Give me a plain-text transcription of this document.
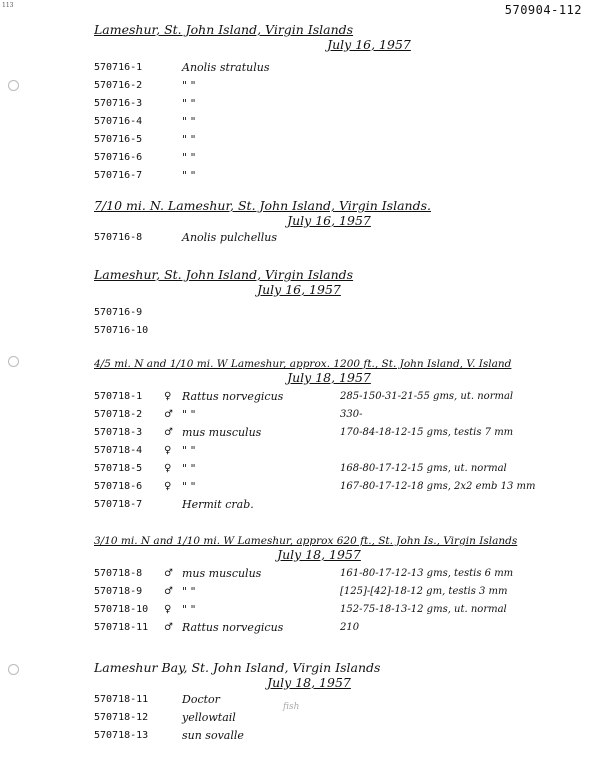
113	570904-112
Lameshur, St. John Island, Virgin Islands
July 16, 1957
570716-1	Anolis stratulus
570716-2	" "
570716-3	" "
570716-4	" "
570716-5	" "
570716-6	" "
570716-7	" "
7/10 mi. N. Lameshur, St. John Island, Virgin Islands.
July 16, 1957
570716-8	Anolis pulchellus
Lameshur, St. John Island, Virgin Islands
July 16, 1957
570716-9
570716-10
4/5 mi. N and 1/10 mi. W Lameshur, approx. 1200 ft., St. John Island, V. Island
July 18, 1957
570718-1 ♀ Rattus norvegicus	285-150-31-21-55 gms, ut. normal
570718-2 ♂ " "	330-
570718-3 ♂ mus musculus	170-84-18-12-15 gms, testis 7 mm
570718-4 ♀ " "
570718-5 ♀ " "	168-80-17-12-15 gms, ut. normal
570718-6 ♀ " "	167-80-17-12-18 gms, 2x2 emb 13 mm
570718-7	Hermit crab.
3/10 mi. N and 1/10 mi. W Lameshur, approx 620 ft., St. John Is., Virgin Islands
July 18, 1957
570718-8 ♂ mus musculus	161-80-17-12-13 gms, testis 6 mm
570718-9 ♂ " "	[125]-[42]-18-12 gm, testis 3 mm
570718-10 ♀ " "	152-75-18-13-12 gms, ut. normal
570718-11 ♂ Rattus norvegicus	210
Lameshur Bay, St. John Island, Virgin Islands
July 18, 1957
570718-11	Doctor
570718-12	yellowtail
570718-13	sun sovalle
fish
